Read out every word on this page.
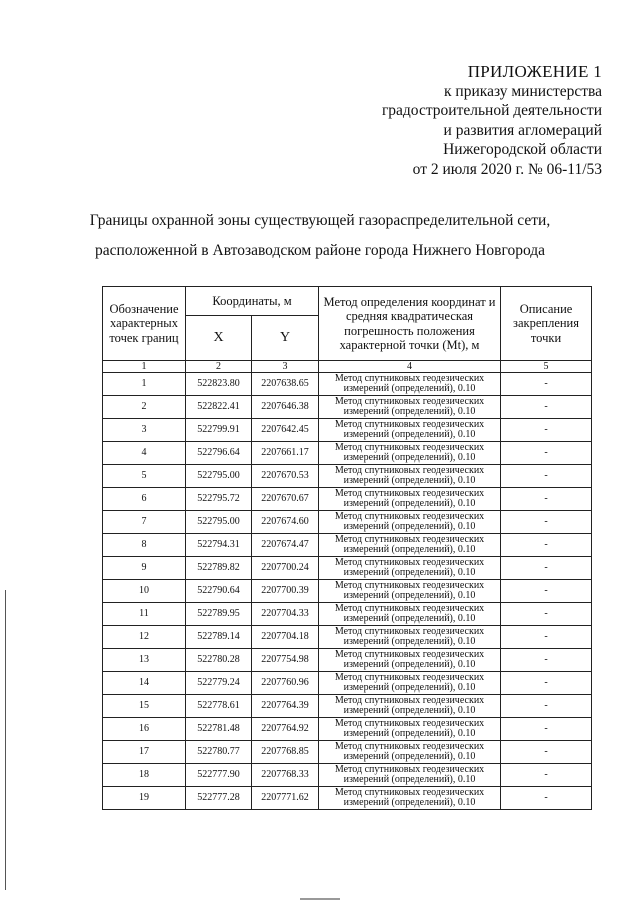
ПРИЛОЖЕНИЕ 1
к приказу министерства
градостроительной деятельности
и развития агломераций
Нижегородской области
от 2 июля 2020 г. № 06-11/53
Границы охранной зоны существующей газораспределительной сети,
расположенной в Автозаводском районе города Нижнего Новгорода
Обозначение характерных точек границ	Координаты, м		Метод определения координат и средняя квадратическая погрешность положения характерной точки (Mt), м	Описание закрепления точки
	X	Y		
1	2	3	4	5
1	522823.80	2207638.65	Метод спутниковых геодезических
измерений (определений), 0.10	-
2	522822.41	2207646.38	Метод спутниковых геодезических
измерений (определений), 0.10	-
3	522799.91	2207642.45	Метод спутниковых геодезических
измерений (определений), 0.10	-
4	522796.64	2207661.17	Метод спутниковых геодезических
измерений (определений), 0.10	-
5	522795.00	2207670.53	Метод спутниковых геодезических
измерений (определений), 0.10	-
6	522795.72	2207670.67	Метод спутниковых геодезических
измерений (определений), 0.10	-
7	522795.00	2207674.60	Метод спутниковых геодезических
измерений (определений), 0.10	-
8	522794.31	2207674.47	Метод спутниковых геодезических
измерений (определений), 0.10	-
9	522789.82	2207700.24	Метод спутниковых геодезических
измерений (определений), 0.10	-
10	522790.64	2207700.39	Метод спутниковых геодезических
измерений (определений), 0.10	-
11	522789.95	2207704.33	Метод спутниковых геодезических
измерений (определений), 0.10	-
12	522789.14	2207704.18	Метод спутниковых геодезических
измерений (определений), 0.10	-
13	522780.28	2207754.98	Метод спутниковых геодезических
измерений (определений), 0.10	-
14	522779.24	2207760.96	Метод спутниковых геодезических
измерений (определений), 0.10	-
15	522778.61	2207764.39	Метод спутниковых геодезических
измерений (определений), 0.10	-
16	522781.48	2207764.92	Метод спутниковых геодезических
измерений (определений), 0.10	-
17	522780.77	2207768.85	Метод спутниковых геодезических
измерений (определений), 0.10	-
18	522777.90	2207768.33	Метод спутниковых геодезических
измерений (определений), 0.10	-
19	522777.28	2207771.62	Метод спутниковых геодезических
измерений (определений), 0.10	-
